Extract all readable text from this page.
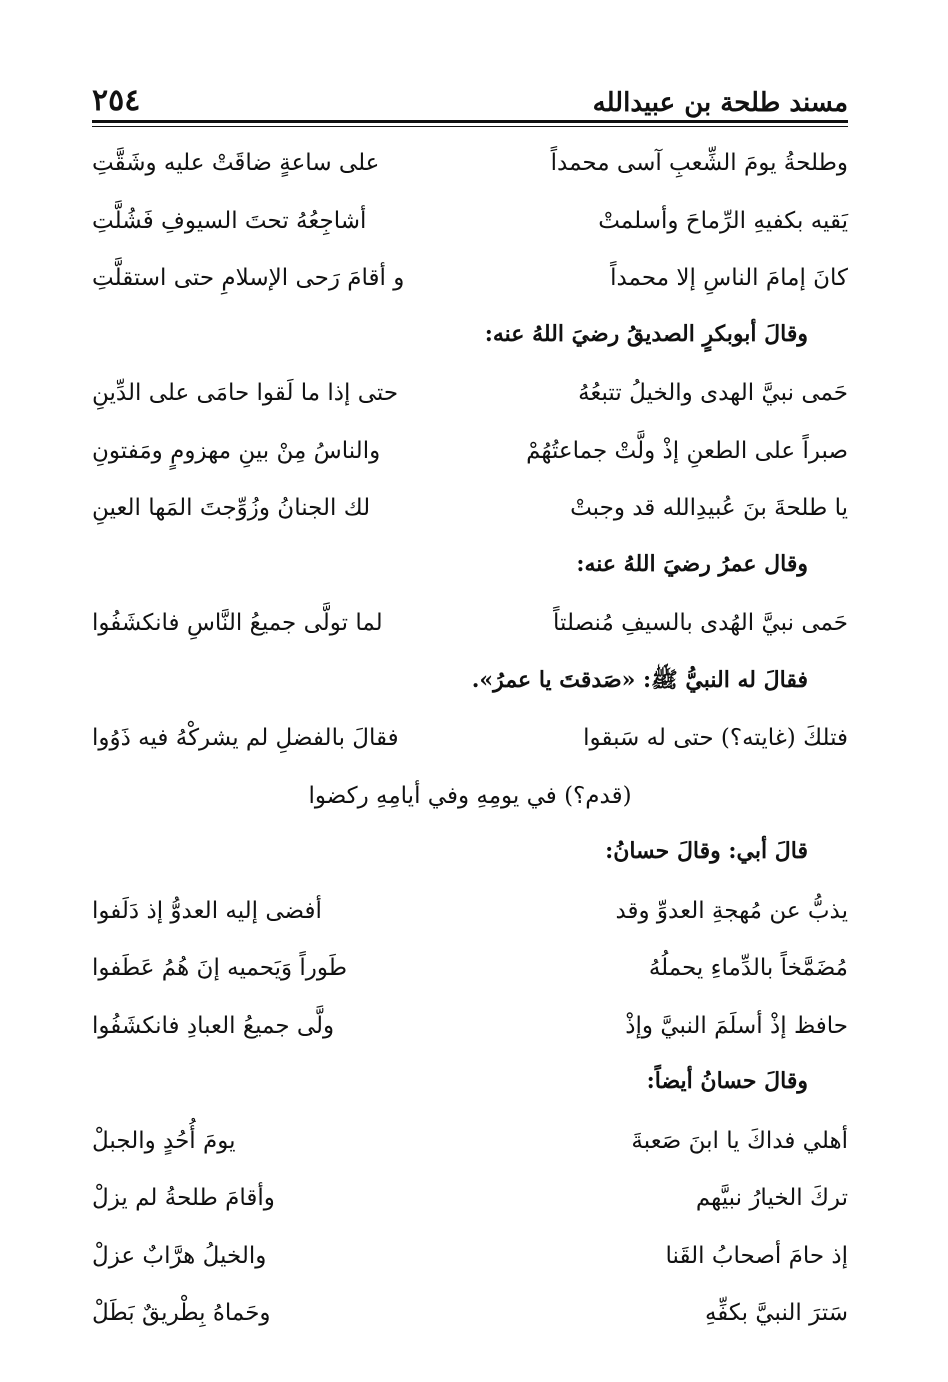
٢٥٤	مسند طلحة بن عبيدالله
وطلحةُ يومَ الشِّعبِ آسى محمداً
على ساعةٍ ضاقَتْ عليه وشَقَّتِ
يَقيه بكفيهِ الرِّماحَ وأسلمتْ
أشاجِعُهُ تحتَ السيوفِ فَشُلَّتِ
كانَ إمامَ الناسِ إلا محمداً
و أقامَ رَحى الإسلامِ حتى استقلَّتِ
وقالَ أبوبكرٍ الصديقُ رضيَ اللهُ عنه:
حَمى نبيَّ الهدى والخيلُ تتبعُهُ
حتى إذا ما لَقوا حامَى على الدِّينِ
صبراً على الطعنِ إذْ ولَّتْ جماعتُهُمْ
والناسُ مِنْ بينِ مهزومٍ ومَفتونِ
يا طلحةَ بنَ عُبيدِالله قد وجبتْ
لك الجنانُ وزُوِّجتَ المَها العينِ
وقال عمرُ رضيَ اللهُ عنه:
حَمى نبيَّ الهُدى بالسيفِ مُنصلتاً
لما تولَّى جميعُ النَّاسِ فانكشَفُوا
فقالَ له النبيُّ ﷺ: «صَدقتَ يا عمرُ».
فتلكَ (غايته؟) حتى له سَبقوا
فقالَ بالفضلِ لم يشركْهُ فيه ذَوُوا
(قدم؟) في يومِهِ وفي أيامِهِ ركضوا
قالَ أبي: وقالَ حسانُ:
يذبُّ عن مُهجةِ العدوِّ وقد
أفضى إليه العدوُّ إذ دَلَفوا
مُضَمَّخاً بالدِّماءِ يحملُهُ
طَوراً وَيَحميه إنَ هُمُ عَطَفوا
حافظ إذْ أسلَمَ النبيَّ وإذْ
ولَّى جميعُ العبادِ فانكشَفُوا
وقالَ حسانُ أيضاً:
أهلي فداكَ يا ابنَ صَعبةَ
يومَ أُحُدٍ والجبلْ
تركَ الخيارُ نبيَّهم
وأقامَ طلحةُ لم يزلْ
إذ حامَ أصحابُ القَنا
والخيلُ هرَّابٌ عزلْ
سَترَ النبيَّ بكفِّهِ
وحَماهُ بِطْريقٌ بَطَلْ
